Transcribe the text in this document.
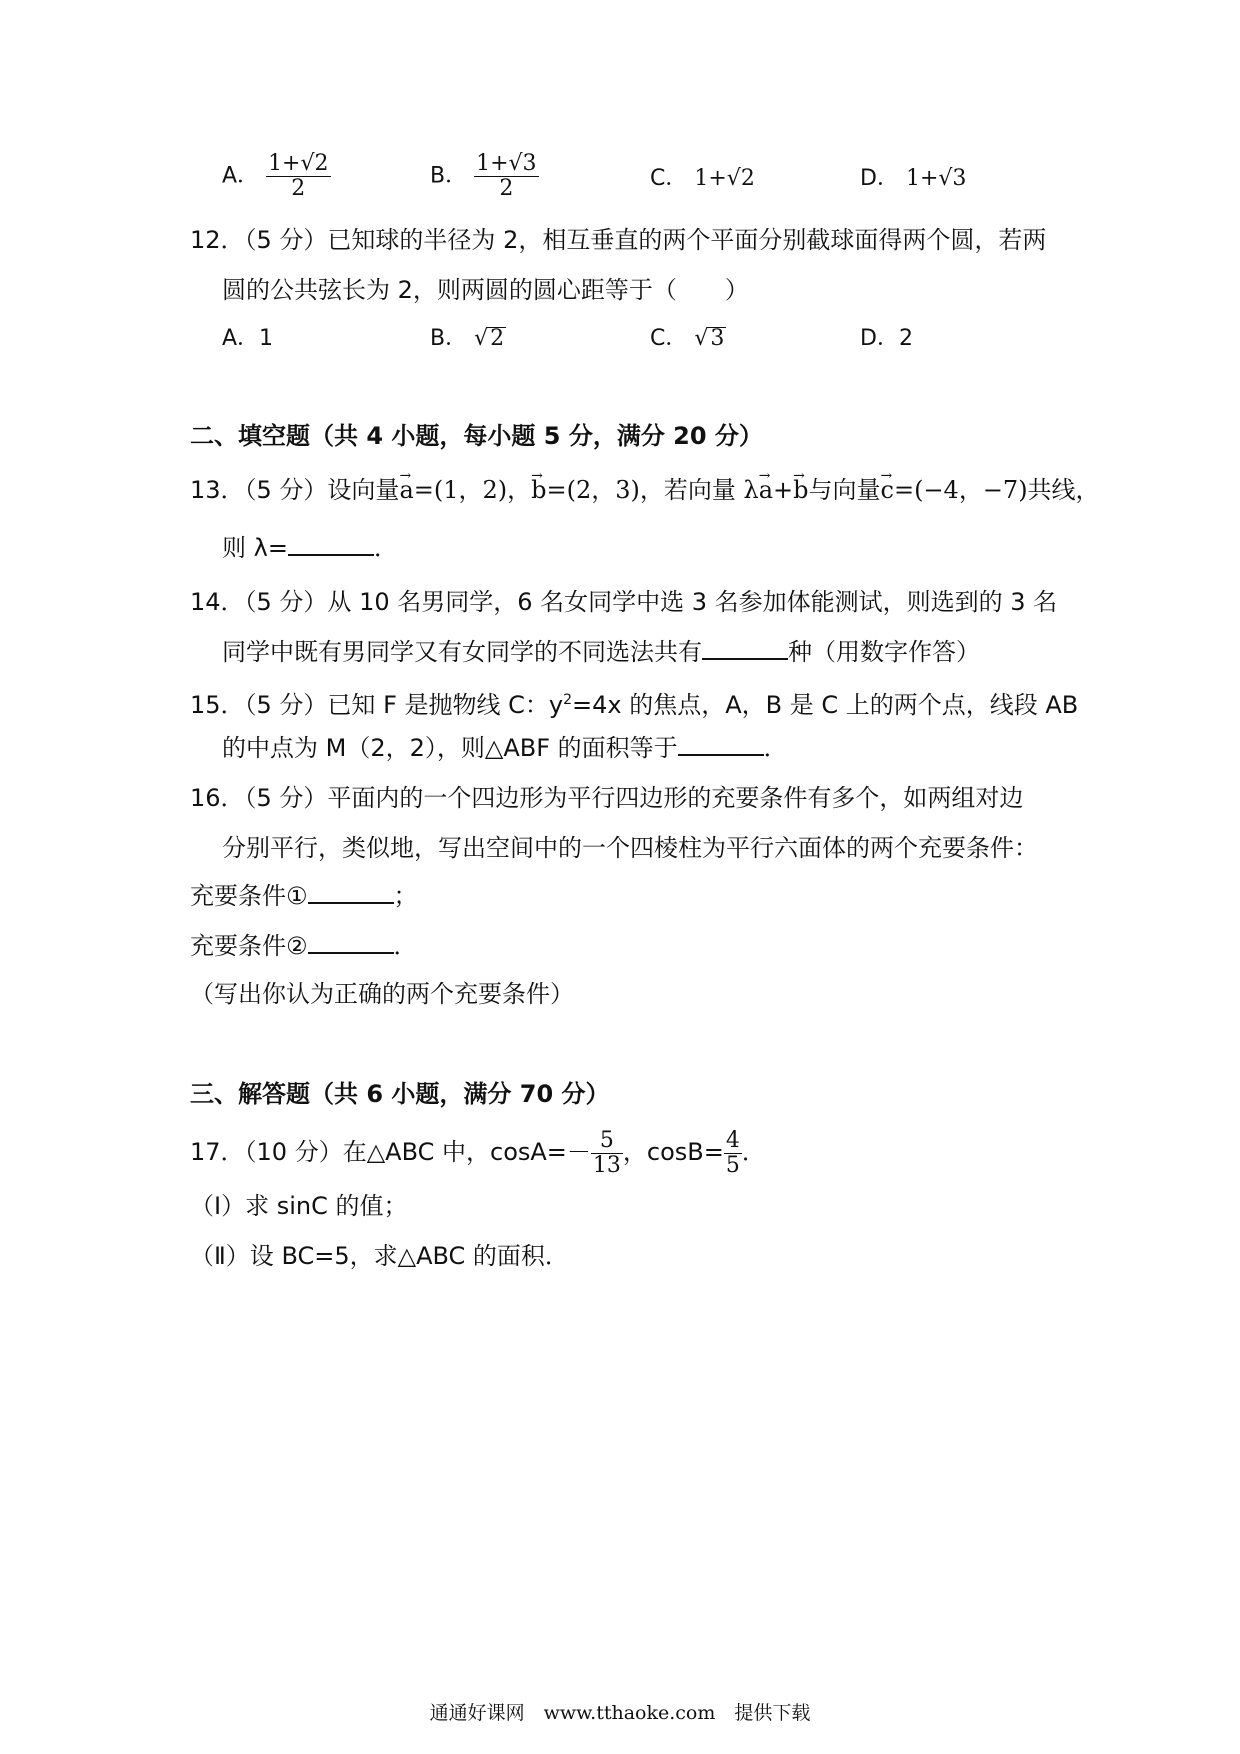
A． $\frac{1+√2}{2}$	B． $\frac{1+√3}{2}$	C． 1+√2	D． 1+√3
12．（5 分）已知球的半径为 2，相互垂直的两个平面分别截球面得两个圆，若两
圆的公共弦长为 2，则两圆的圆心距等于（　　）
A．1	B． √2	C． √3	D．2
二、填空题（共 4 小题，每小题 5 分，满分 20 分）
13．（5 分）设向量→ a=(1，2)，→ b=(2，3)，若向量 λ→ a+→ b与向量→ c=(−4，−7)共线，
则 λ=	．
14．（5 分）从 10 名男同学，6 名女同学中选 3 名参加体能测试，则选到的 3 名
同学中既有男同学又有女同学的不同选法共有	种（用数字作答）
15．（5 分）已知 F 是抛物线 C：$y^2=4x$ 的焦点，A，B 是 C 上的两个点，线段 AB
的中点为 M（2，2），则△ABF 的面积等于	．
16．（5 分）平面内的一个四边形为平行四边形的充要条件有多个，如两组对边
分别平行，类似地，写出空间中的一个四棱柱为平行六面体的两个充要条件：
充要条件①	；
充要条件②	．
（写出你认为正确的两个充要条件）
三、解答题（共 6 小题，满分 70 分）
17．（10 分）在△ABC 中，$\cos A=- \frac{5}{13}$ ，$\cos B= \frac{4}{5}$ ．
（Ⅰ）求 sinC 的值；
（Ⅱ）设 BC=5，求△ABC 的面积．
通通好课网　www.tthaoke.com　提供下载
